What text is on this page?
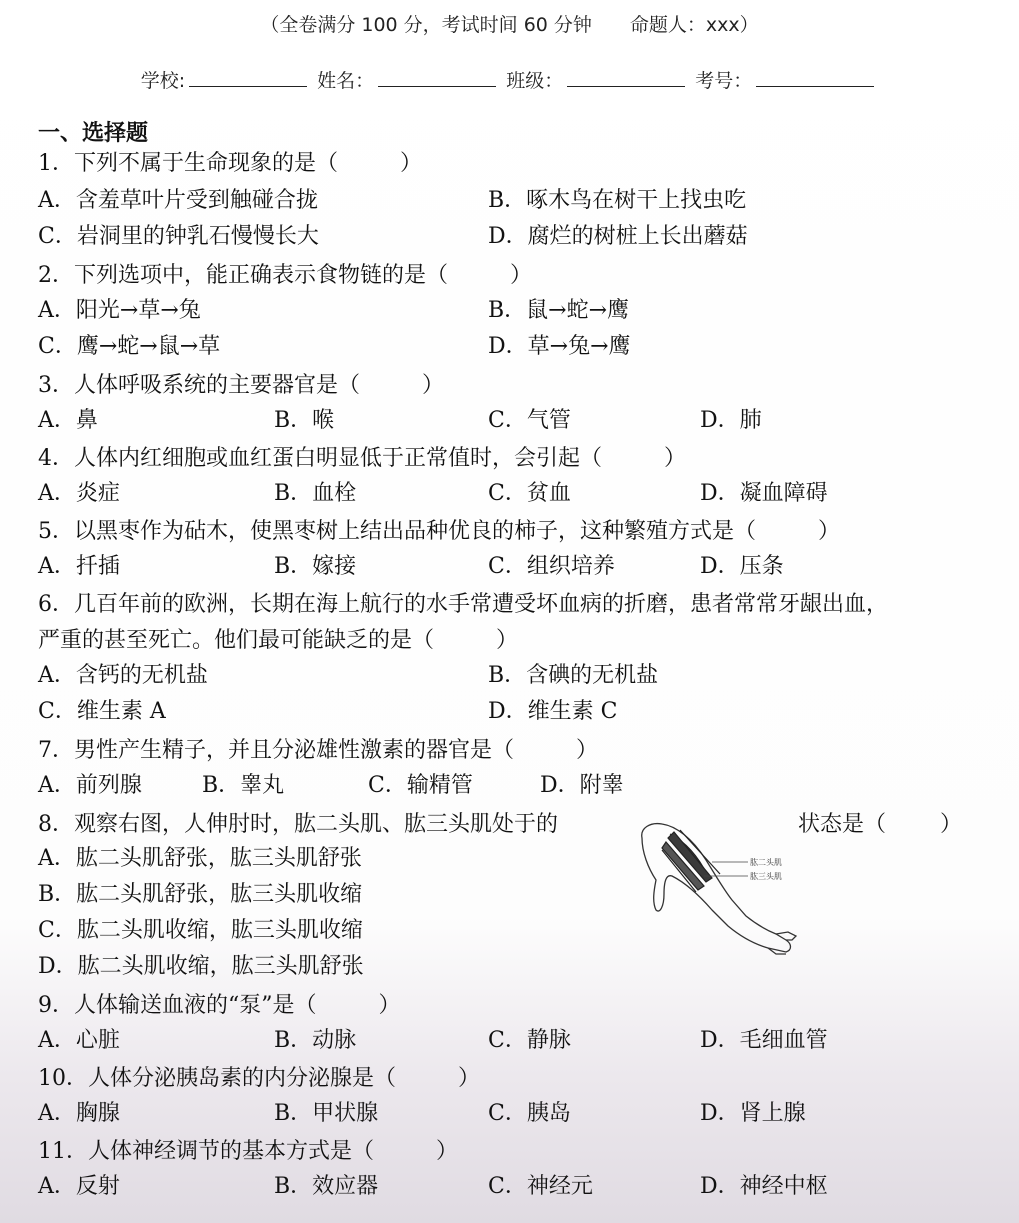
（全卷满分 100 分，考试时间 60 分钟　　命题人：xxx）
学校:	姓名：	班级：	考号：
一、选择题
1．下列不属于生命现象的是（	）
A．含羞草叶片受到触碰合拢	B．啄木鸟在树干上找虫吃
C．岩洞里的钟乳石慢慢长大	D．腐烂的树桩上长出蘑菇
2．下列选项中，能正确表示食物链的是（	）
A．阳光→草→兔	B．鼠→蛇→鹰
C．鹰→蛇→鼠→草	D．草→兔→鹰
3．人体呼吸系统的主要器官是（	）
A．鼻	B．喉	C．气管	D．肺
4．人体内红细胞或血红蛋白明显低于正常值时，会引起（	）
A．炎症	B．血栓	C．贫血	D．凝血障碍
5．以黑枣作为砧木，使黑枣树上结出品种优良的柿子，这种繁殖方式是（	）
A．扦插	B．嫁接	C．组织培养	D．压条
6．几百年前的欧洲，长期在海上航行的水手常遭受坏血病的折磨，患者常常牙龈出血，
严重的甚至死亡。他们最可能缺乏的是（	）
A．含钙的无机盐	B．含碘的无机盐
C．维生素 A	D．维生素 C
7．男性产生精子，并且分泌雄性激素的器官是（	）
A．前列腺	B．睾丸	C．输精管	D．附睾
8．观察右图，人伸肘时，肱二头肌、肱三头肌处于的	状态是（ ）
A．肱二头肌舒张，肱三头肌舒张
B．肱二头肌舒张，肱三头肌收缩
C．肱二头肌收缩，肱三头肌收缩
D．肱二头肌收缩，肱三头肌舒张
肱二头肌
肱三头肌
9．人体输送血液的“泵”是（	）
A．心脏	B．动脉	C．静脉	D．毛细血管
10．人体分泌胰岛素的内分泌腺是（	）
A．胸腺	B．甲状腺	C．胰岛	D．肾上腺
11．人体神经调节的基本方式是（	）
A．反射	B．效应器	C．神经元	D．神经中枢
